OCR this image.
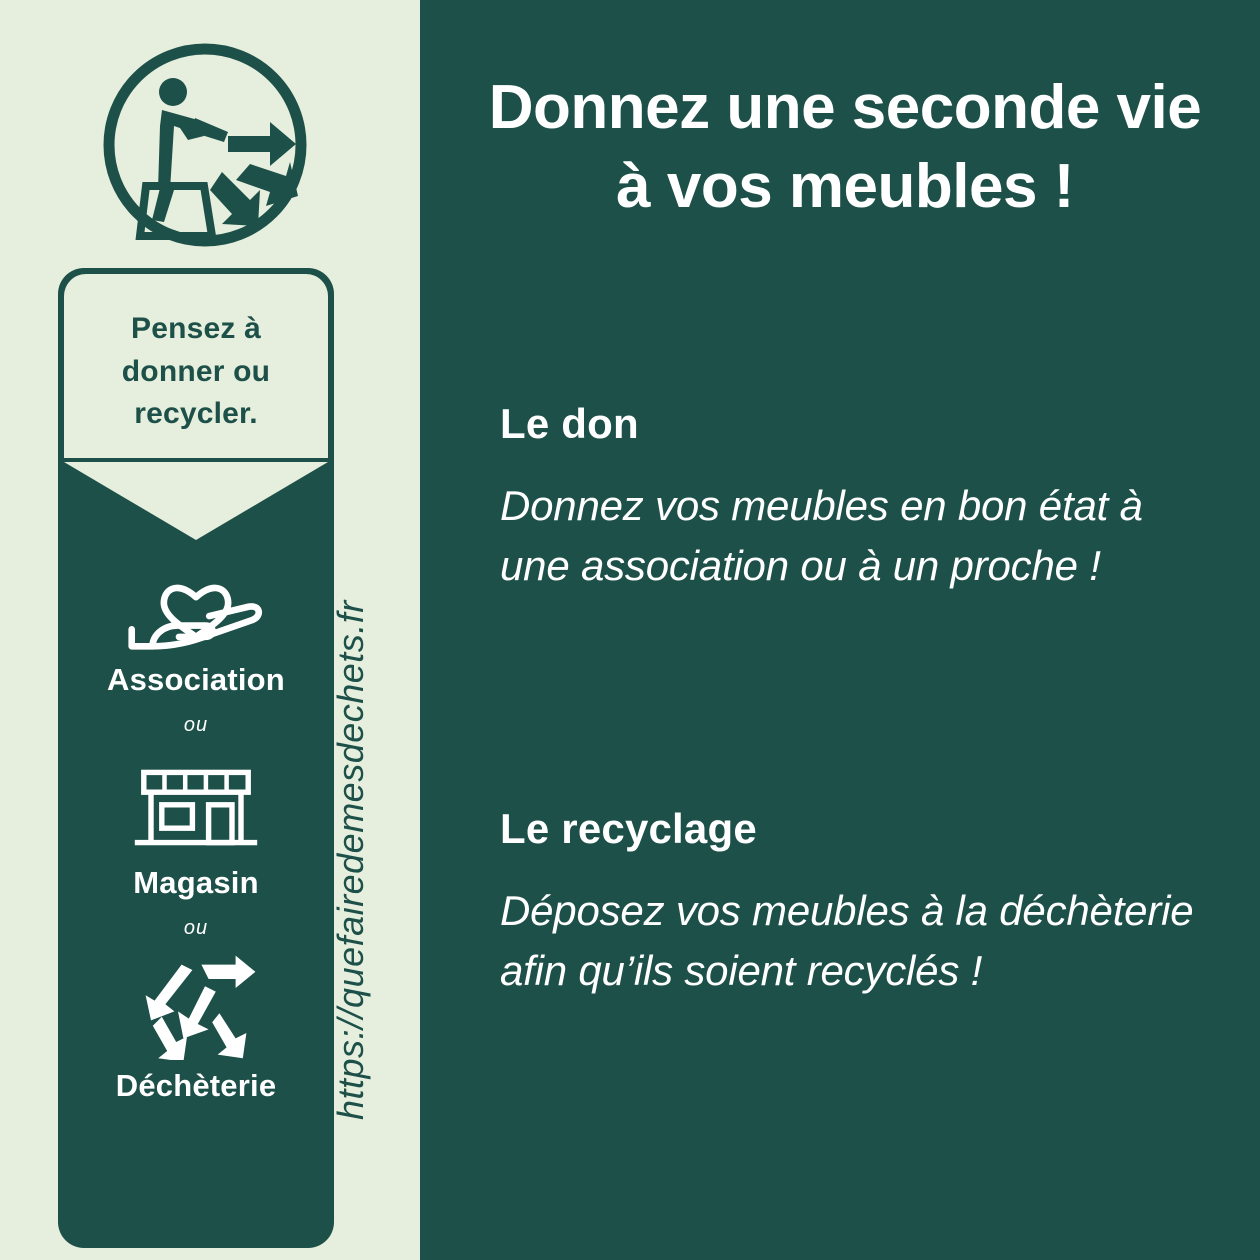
Pensez à
donner ou
recycler.
Association
ou
Magasin
ou
Déchèterie	https://quefairedemesdechets.fr
Donnez une seconde vie
à vos meubles !
Le don
Donnez vos meubles en bon état à une association ou à un proche !
Le recyclage
Déposez vos meubles à la déchèterie afin qu’ils soient recyclés !
